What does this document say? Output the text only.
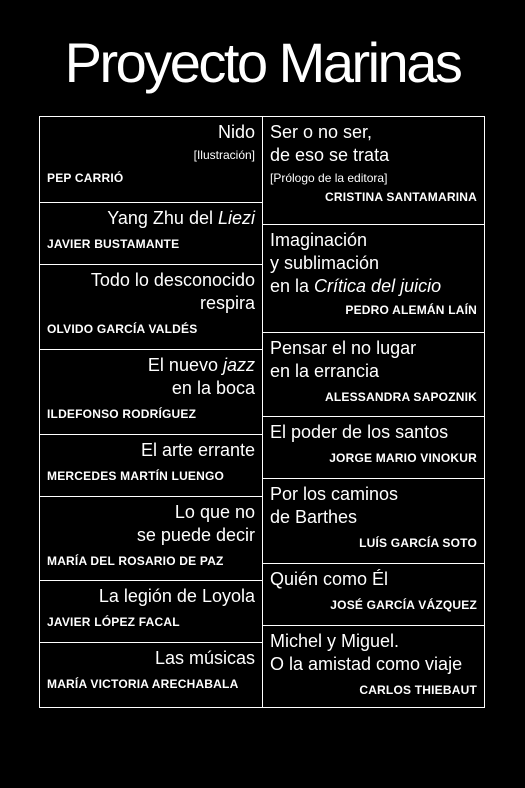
Proyecto Marinas
Nido
[Ilustración]
PEP CARRIÓ
Yang Zhu del Liezi
JAVIER BUSTAMANTE
Todo lo desconocido
respira
OLVIDO GARCÍA VALDÉS
El nuevo jazz
en la boca
ILDEFONSO RODRÍGUEZ
El arte errante
MERCEDES MARTÍN LUENGO
Lo que no
se puede decir
MARÍA DEL ROSARIO DE PAZ
La legión de Loyola
JAVIER LÓPEZ FACAL
Las músicas
MARÍA VICTORIA ARECHABALA
Ser o no ser,
de eso se trata
[Prólogo de la editora]
CRISTINA SANTAMARINA
Imaginación
y sublimación
en la Crítica del juicio
PEDRO ALEMÁN LAÍN
Pensar el no lugar
en la errancia
ALESSANDRA SAPOZNIK
El poder de los santos
JORGE MARIO VINOKUR
Por los caminos
de Barthes
LUÍS GARCÍA SOTO
Quién como Él
JOSÉ GARCÍA VÁZQUEZ
Michel y Miguel.
O la amistad como viaje
CARLOS THIEBAUT
